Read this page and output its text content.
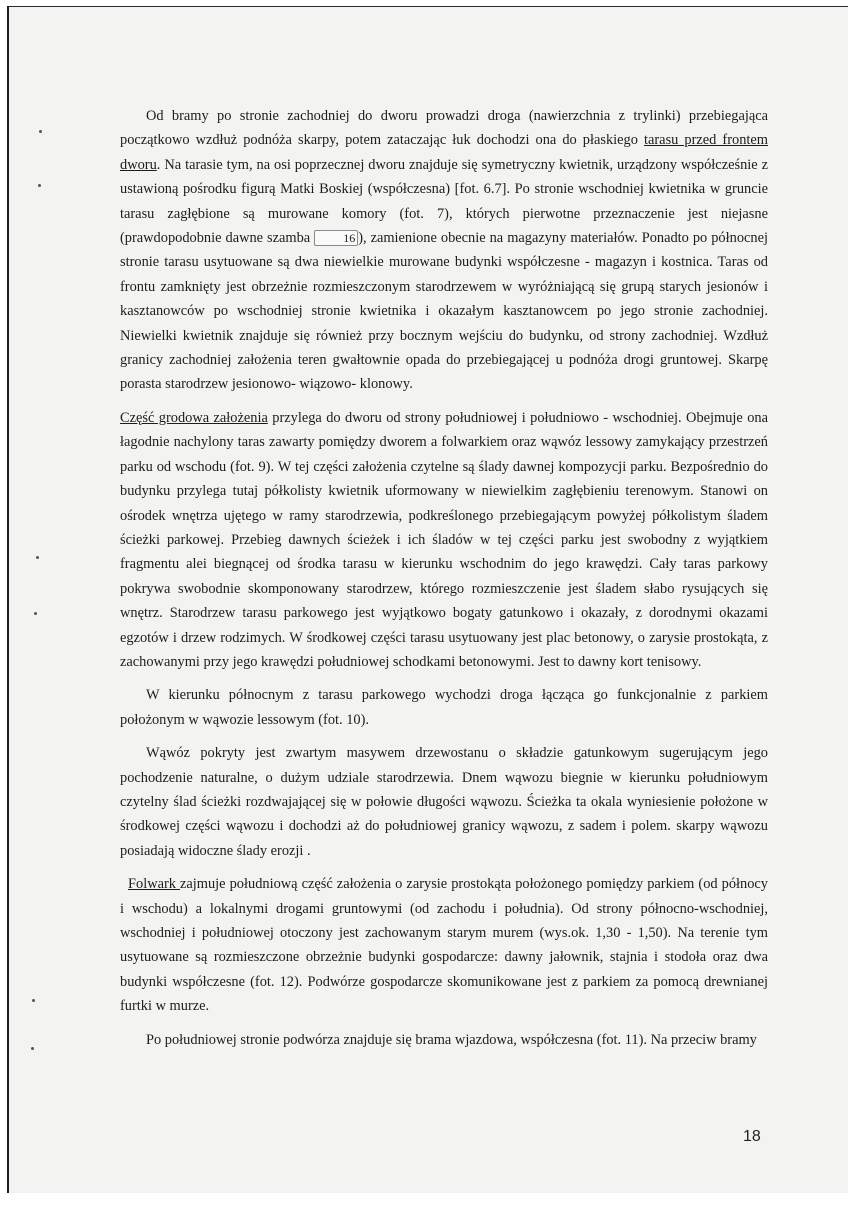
Od bramy po stronie zachodniej do dworu prowadzi droga (nawierzchnia z trylinki) przebiegająca początkowo wzdłuż podnóża skarpy, potem zataczając łuk dochodzi ona do płaskiego tarasu przed frontem dworu. Na tarasie tym, na osi poprzecznej dworu znajduje się symetryczny kwietnik, urządzony współcześnie z ustawioną pośrodku figurą Matki Boskiej (współczesna) [fot. 6.7]. Po stronie wschodniej kwietnika w gruncie tarasu zagłębione są murowane komory (fot. 7), których pierwotne przeznaczenie jest niejasne (prawdopodobnie dawne szamba 16 ), zamienione obecnie na magazyny materiałów. Ponadto po północnej stronie tarasu usytuowane są dwa niewielkie murowane budynki współczesne - magazyn i kostnica. Taras od frontu zamknięty jest obrzeżnie rozmieszczonym starodrzewem w wyróżniającą się grupą starych jesionów i kasztanowców po wschodniej stronie kwietnika i okazałym kasztanowcem po jego stronie zachodniej. Niewielki kwietnik znajduje się również przy bocznym wejściu do budynku, od strony zachodniej. Wzdłuż granicy zachodniej założenia teren gwałtownie opada do przebiegającej u podnóża drogi gruntowej. Skarpę porasta starodrzew jesionowo- wiązowo- klonowy.

Część grodowa założenia przylega do dworu od strony południowej i południowo - wschodniej. Obejmuje ona łagodnie nachylony taras zawarty pomiędzy dworem a folwarkiem oraz wąwóz lessowy zamykający przestrzeń parku od wschodu (fot. 9). W tej części założenia czytelne są ślady dawnej kompozycji parku. Bezpośrednio do budynku przylega tutaj półkolisty kwietnik uformowany w niewielkim zagłębieniu terenowym. Stanowi on ośrodek wnętrza ujętego w ramy starodrzewia, podkreślonego przebiegającym powyżej półkolistym śladem ścieżki parkowej. Przebieg dawnych ścieżek i ich śladów w tej części parku jest swobodny z wyjątkiem fragmentu alei biegnącej od środka tarasu w kierunku wschodnim do jego krawędzi. Cały taras parkowy pokrywa swobodnie skomponowany starodrzew, którego rozmieszczenie jest śladem słabo rysujących się wnętrz. Starodrzew tarasu parkowego jest wyjątkowo bogaty gatunkowo i okazały, z dorodnymi okazami egzotów i drzew rodzimych. W środkowej części tarasu usytuowany jest plac betonowy, o zarysie prostokąta, z zachowanymi przy jego krawędzi południowej schodkami betonowymi. Jest to dawny kort tenisowy.

W kierunku północnym z tarasu parkowego wychodzi droga łącząca go funkcjonalnie z parkiem położonym w wąwozie lessowym (fot. 10).

Wąwóz pokryty jest zwartym masywem drzewostanu o składzie gatunkowym sugerującym jego pochodzenie naturalne, o dużym udziale starodrzewia. Dnem wąwozu biegnie w kierunku południowym czytelny ślad ścieżki rozdwajającej się w połowie długości wąwozu. Ścieżka ta okala wyniesienie położone w środkowej części wąwozu i dochodzi aż do południowej granicy wąwozu, z sadem i polem. skarpy wąwozu posiadają widoczne ślady erozji .

Folwark zajmuje południową część założenia o zarysie prostokąta położonego pomiędzy parkiem (od północy i wschodu) a lokalnymi drogami gruntowymi (od zachodu i południa). Od strony północno-wschodniej, wschodniej i południowej otoczony jest zachowanym starym murem (wys.ok. 1,30 - 1,50). Na terenie tym usytuowane są rozmieszczone obrzeżnie budynki gospodarcze: dawny jałownik, stajnia i stodoła oraz dwa budynki współczesne (fot. 12). Podwórze gospodarcze skomunikowane jest z parkiem za pomocą drewnianej furtki w murze.

Po południowej stronie podwórza znajduje się brama wjazdowa, współczesna (fot. 11). Na przeciw bramy

18
